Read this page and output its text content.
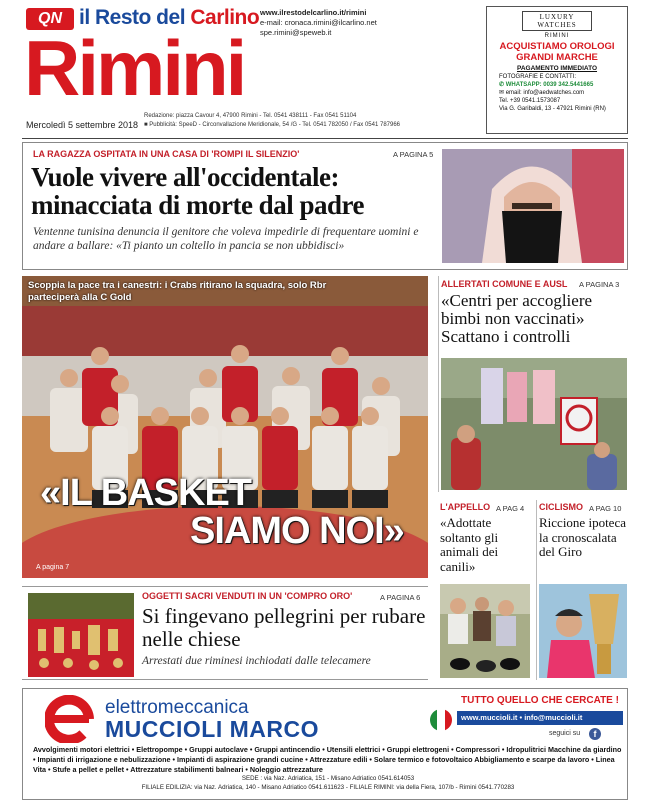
QN il Resto del Carlino www.ilrestodelcarlino.it/rimini
e-mail: cronaca.rimini@ilcarlino.net
spe.rimini@speweb.it
Rimini
Mercoledì 5 settembre 2018
Redazione: piazza Cavour 4, 47900 Rimini - Tel. 0541 438111 - Fax 0541 51104
■ Pubblicità: SpeeD - Circonvallazione Meridionale, 54 /G - Tel. 0541 782050 / Fax 0541 787966
LUXURY
WATCHES
RIMINI
ACQUISTIAMO OROLOGI
GRANDI MARCHE
PAGAMENTO IMMEDIATO
FOTOGRAFIE E CONTATTI:
✆ WHATSAPP: 0039 342.5441665
✉ email: info@aedwatches.com
Tel. +39 0541.1573087
Via G. Garibaldi, 13 - 47921 Rimini (RN)
LA RAGAZZA OSPITATA IN UNA CASA DI 'ROMPI IL SILENZIO'	A PAGINA 5
Vuole vivere all'occidentale: minacciata di morte dal padre
Ventenne tunisina denuncia il genitore che voleva impedirle di frequentare uomini e andare a ballare: «Ti pianto un coltello in pancia se non ubbidisci»
Scoppia la pace tra i canestri: i Crabs ritirano la squadra, solo Rbr parteciperà alla C Gold
«IL BASKET
SIAMO NOI»
A pagina 7
ALLERTATI COMUNE E AUSL A PAGINA 3
«Centri per accogliere bimbi non vaccinati» Scattano i controlli
L'APPELLO A PAG 4
«Adottate soltanto gli animali dei canili»
CICLISMO A PAG 10
Riccione ipoteca la cronoscalata del Giro
OGGETTI SACRI VENDUTI IN UN 'COMPRO ORO'	A PAGINA 6
Si fingevano pellegrini per rubare nelle chiese
Arrestati due riminesi inchiodati dalle telecamere
elettromeccanica
MUCCIOLI MARCO
TUTTO QUELLO CHE CERCATE !
www.muccioli.it • info@muccioli.it
seguici su	f
Avvolgimenti motori elettrici • Elettropompe • Gruppi autoclave • Gruppi antincendio • Utensili elettrici • Gruppi elettrogeni • Compressori • Idropulitrici Macchine da giardino • Impianti di irrigazione e nebulizzazione • Impianti di aspirazione grandi cucine • Attrezzature edili • Solare termico e fotovoltaico Abbigliamento e scarpe da lavoro • Linea Vita • Stufe a pellet e pellet • Attrezzature stabilimenti balneari • Noleggio attrezzature
SEDE : via Naz. Adriatica, 151 - Misano Adriatico 0541.614053
FILIALE EDILIZIA: via Naz. Adriatica, 140 - Misano Adriatico 0541.611623 - FILIALE RIMINI: via della Fiera, 107/b - Rimini 0541.770283
